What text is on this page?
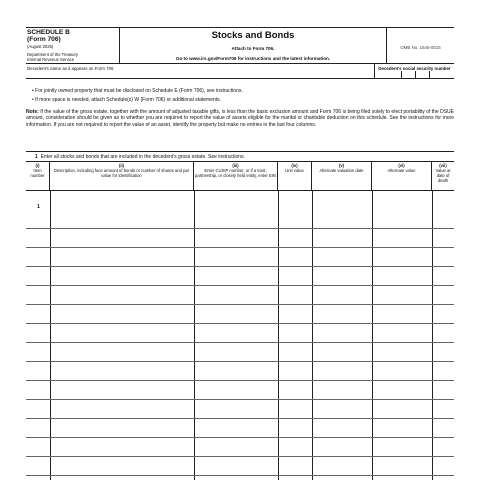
SCHEDULE B
(Form 706)
(August 2025)
Department of the Treasury
Internal Revenue Service
Stocks and Bonds
Attach to Form 706.
Go to www.irs.gov/Form706 for instructions and the latest information.
OMB No. 1545-0015
Decedent's name as it appears on Form 706	Decedent's social security number
• For jointly owned property that must be disclosed on Schedule E (Form 706), see instructions.
• If more space is needed, attach Schedule(s) W (Form 706) or additional statements.
Note: If the value of the gross estate, together with the amount of adjusted taxable gifts, is less than the basic exclusion amount and Form 706 is being filed solely to elect portability of the DSUE amount, consideration should be given as to whether you are required to report the value of assets eligible for the marital or charitable deduction on this schedule. See the instructions for more information. If you are not required to report the value of an asset, identify the property but make no entries in the last four columns.
1 Enter all stocks and bonds that are included in the decedent's gross estate. See instructions.
(i)
Item number
(ii)
Description, including face amount of bonds or number of shares and par value for identification
(iii)
Enter CUSIP number, or if a trust, partnership, or closely held entity, enter EIN
(iv)
Unit value
(v)
Alternate valuation date
(vi)
Alternate value
(vii)
Value at date of death
1
